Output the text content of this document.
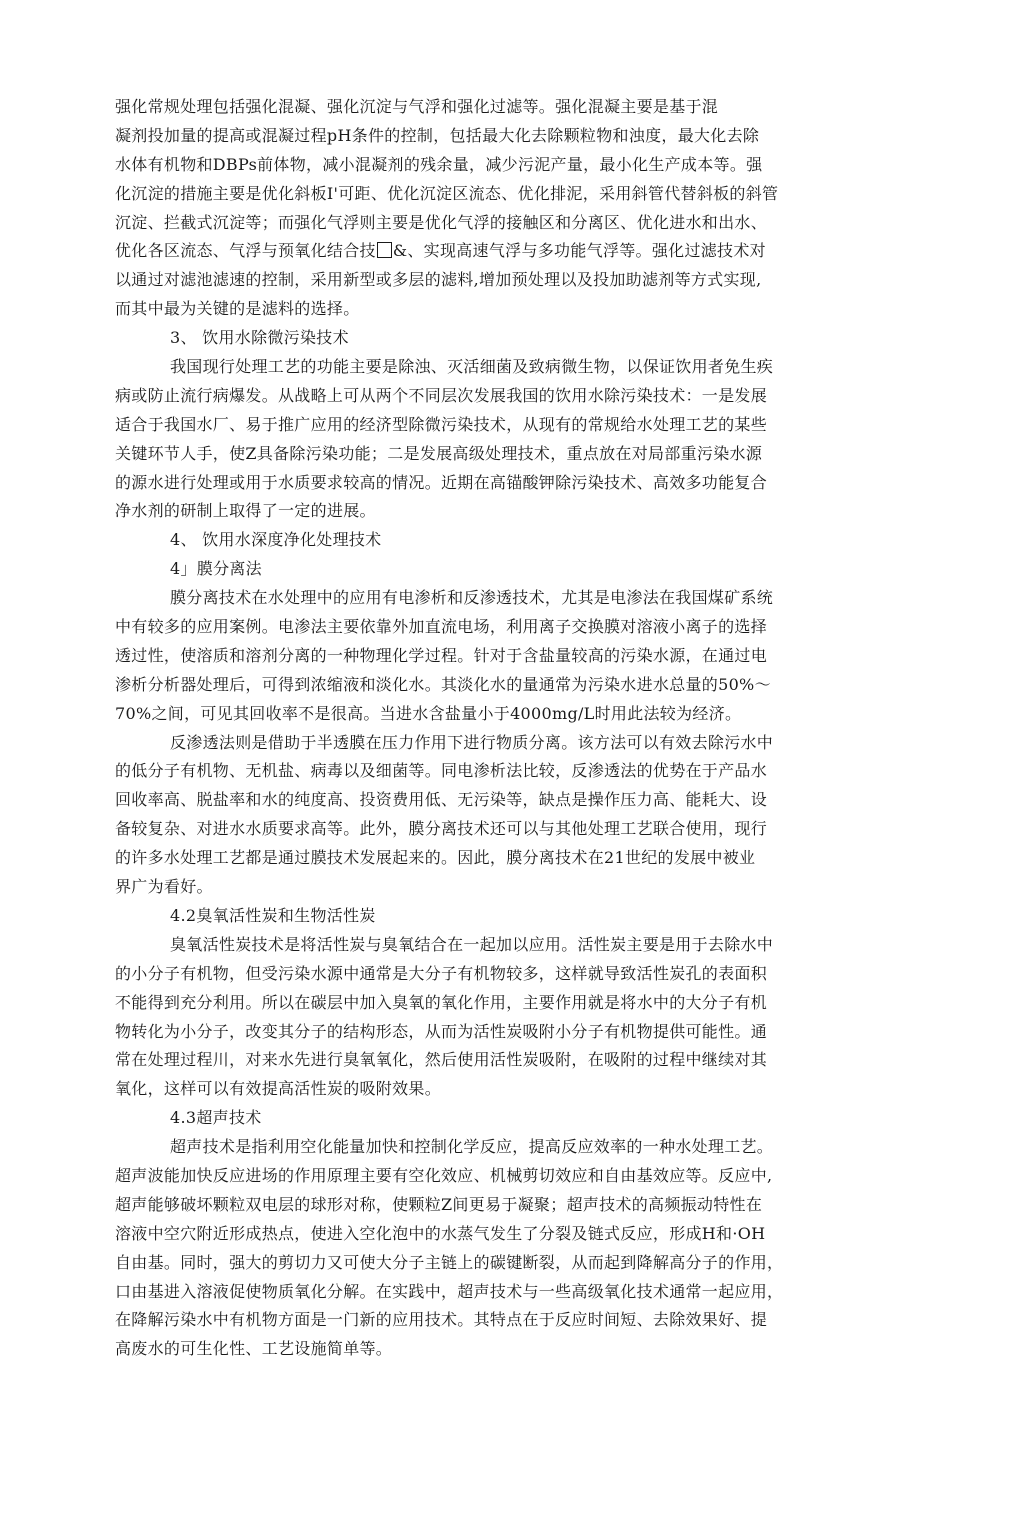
强化常规处理包括强化混凝、强化沉淀与气浮和强化过滤等。强化混凝主要是基于混
凝剂投加量的提高或混凝过程pH条件的控制，包括最大化去除颗粒物和浊度，最大化去除
水体有机物和DBPs前体物，减小混凝剂的残余量，减少污泥产量，最小化生产成本等。强
化沉淀的措施主要是优化斜板I'可距、优化沉淀区流态、优化排泥，采用斜管代替斜板的斜管
沉淀、拦截式沉淀等；而强化气浮则主要是优化气浮的接触区和分离区、优化进水和出水、
优化各区流态、气浮与预氧化结合技 &、实现高速气浮与多功能气浮等。强化过滤技术对
以通过对滤池滤速的控制，采用新型或多层的滤料,增加预处理以及投加助滤剂等方式实现,
而其中最为关键的是滤料的选择。
3、 饮用水除微污染技术
我国现行处理工艺的功能主要是除浊、灭活细菌及致病微生物，以保证饮用者免生疾
病或防止流行病爆发。从战略上可从两个不同层次发展我国的饮用水除污染技术：一是发展
适合于我国水厂、易于推广应用的经济型除微污染技术，从现有的常规给水处理工艺的某些
关键环节人手，使Z具备除污染功能；二是发展高级处理技术，重点放在对局部重污染水源
的源水进行处理或用于水质要求较高的情况。近期在高锚酸钾除污染技术、高效多功能复合
净水剂的研制上取得了一定的进展。
4、 饮用水深度净化处理技术
4」膜分离法
膜分离技术在水处理中的应用有电渗析和反渗透技术，尤其是电渗法在我国煤矿系统
中有较多的应用案例。电渗法主要依靠外加直流电场，利用离子交换膜对溶液小离子的选择
透过性，使溶质和溶剂分离的一种物理化学过程。针对于含盐量较高的污染水源，在通过电
渗析分析器处理后，可得到浓缩液和淡化水。其淡化水的量通常为污染水进水总量的50%～
70%之间，可见其回收率不是很高。当进水含盐量小于4000mg/L时用此法较为经济。
反渗透法则是借助于半透膜在压力作用下进行物质分离。该方法可以有效去除污水中
的低分子有机物、无机盐、病毒以及细菌等。同电渗析法比较，反渗透法的优势在于产品水
回收率高、脱盐率和水的纯度高、投资费用低、无污染等，缺点是操作压力高、能耗大、设
备较复杂、对进水水质要求高等。此外，膜分离技术还可以与其他处理工艺联合使用，现行
的许多水处理工艺都是通过膜技术发展起来的。因此，膜分离技术在21世纪的发展中被业
界广为看好。
4.2臭氧活性炭和生物活性炭
臭氧活性炭技术是将活性炭与臭氧结合在一起加以应用。活性炭主要是用于去除水中
的小分子有机物，但受污染水源中通常是大分子有机物较多，这样就导致活性炭孔的表面积
不能得到充分利用。所以在碳层中加入臭氧的氧化作用，主要作用就是将水中的大分子有机
物转化为小分子，改变其分子的结构形态，从而为活性炭吸附小分子有机物提供可能性。通
常在处理过程川，对来水先进行臭氧氧化，然后使用活性炭吸附，在吸附的过程中继续对其
氧化，这样可以有效提高活性炭的吸附效果。
4.3超声技术
超声技术是指利用空化能量加快和控制化学反应，提高反应效率的一种水处理工艺。
超声波能加快反应进场的作用原理主要有空化效应、机械剪切效应和自由基效应等。反应中,
超声能够破坏颗粒双电层的球形对称，使颗粒Z间更易于凝聚；超声技术的高频振动特性在
溶液中空穴附近形成热点，使进入空化泡中的水蒸气发生了分裂及链式反应，形成H和·OH
自由基。同时，强大的剪切力又可使大分子主链上的碳键断裂，从而起到降解高分子的作用，
口由基进入溶液促使物质氧化分解。在实践中，超声技术与一些高级氧化技术通常一起应用，
在降解污染水中有机物方面是一门新的应用技术。其特点在于反应时间短、去除效果好、提
高废水的可生化性、工艺设施简单等。
